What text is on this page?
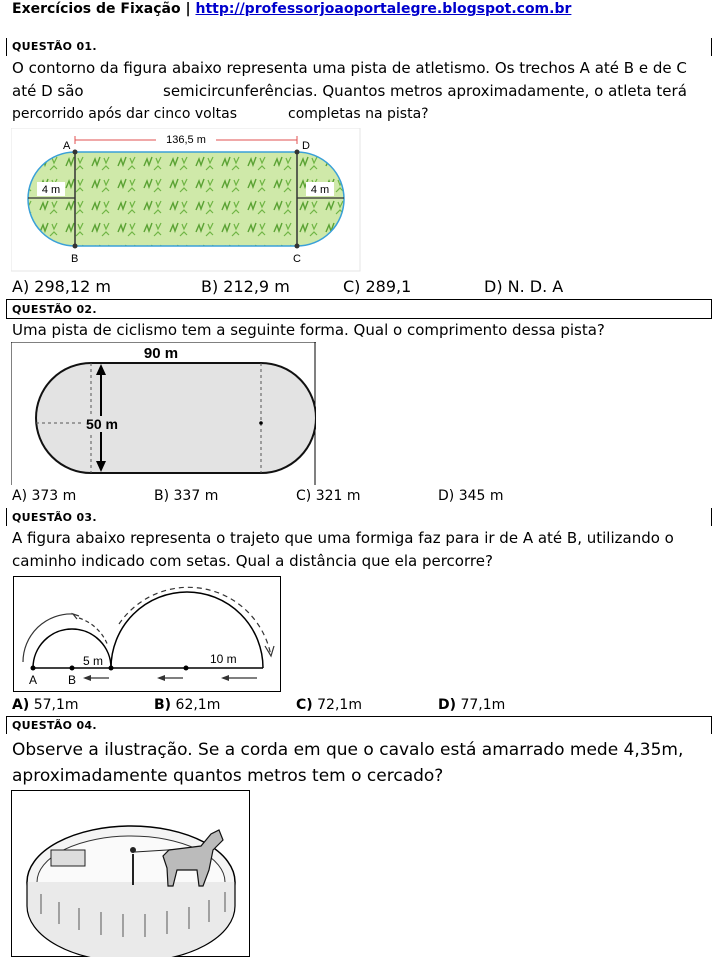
Exercícios de Fixação | http://professorjoaoportalegre.blogspot.com.br
QUESTÃO 01.
O contorno da figura abaixo representa uma pista de atletismo. Os trechos A até B e de C
até D são	semicircunferências. Quantos metros aproximadamente, o atleta terá
percorrido após dar cinco voltas	completas na pista?
136,5 m
4 m	4 m
A
B	C
D
A) 298,12 m	B) 212,9 m	C) 289,1	D) N. D. A
QUESTÃO 02.
Uma pista de ciclismo tem a seguinte forma. Qual o comprimento dessa pista?
90 m
50 m
A) 373 m	B) 337 m	C) 321 m	D) 345 m
QUESTÃO 03.
A figura abaixo representa o trajeto que uma formiga faz para ir de A até B, utilizando o
caminho indicado com setas. Qual a distância que ela percorre?
5 m	10 m
A	B
A) 57,1m	B) 62,1m	C) 72,1m	D) 77,1m
QUESTÃO 04.
Observe a ilustração. Se a corda em que o cavalo está amarrado mede 4,35m,
aproximadamente quantos metros tem o cercado?
